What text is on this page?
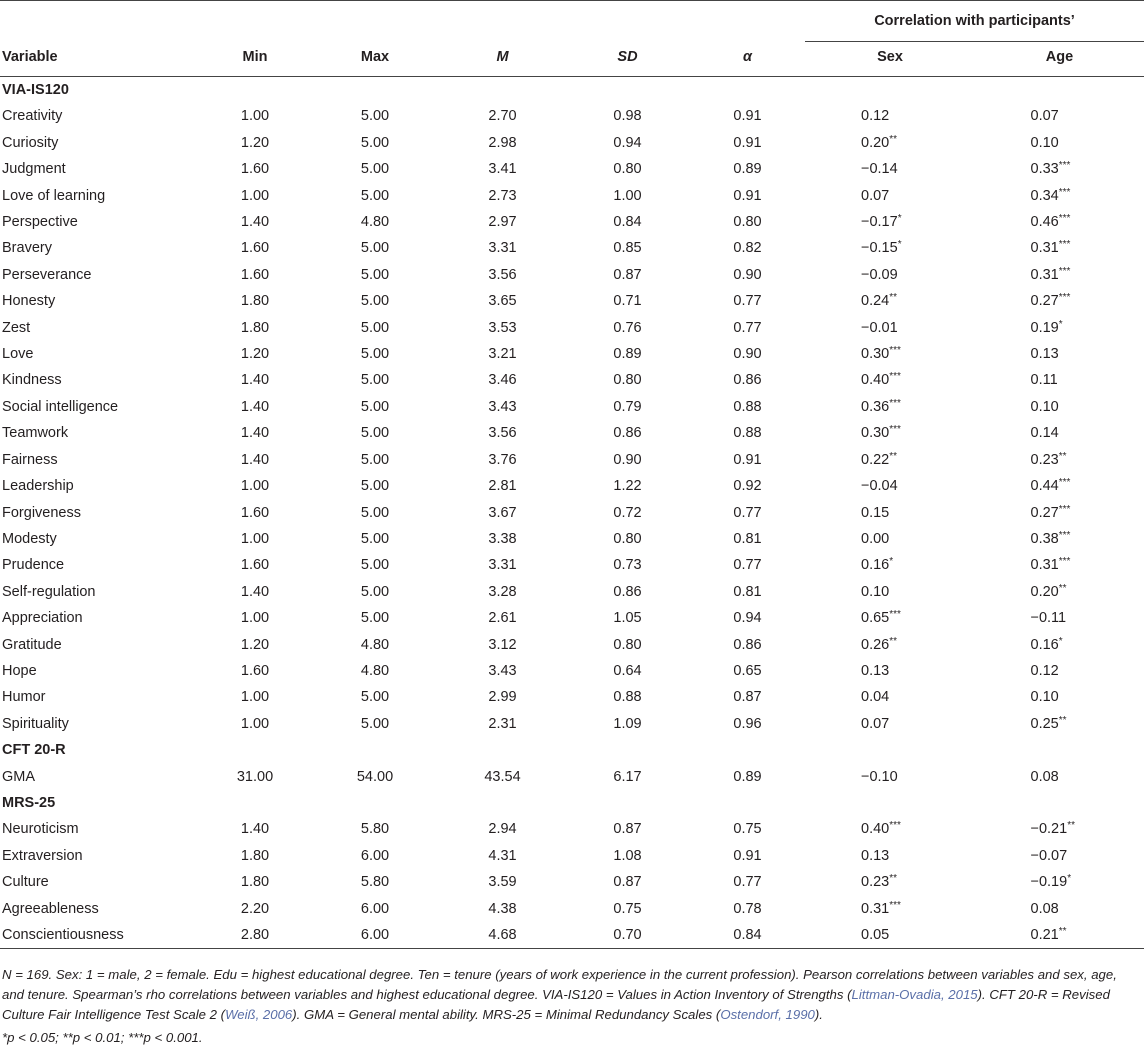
						Correlation with participants’	
Variable	Min	Max	M	SD	α	Sex	Age
VIA-IS120							
Creativity	1.00	5.00	2.70	0.98	0.91	0.12	0.07
Curiosity	1.20	5.00	2.98	0.94	0.91	0.20**	0.10
Judgment	1.60	5.00	3.41	0.80	0.89	−0.14	0.33***
Love of learning	1.00	5.00	2.73	1.00	0.91	0.07	0.34***
Perspective	1.40	4.80	2.97	0.84	0.80	−0.17*	0.46***
Bravery	1.60	5.00	3.31	0.85	0.82	−0.15*	0.31***
Perseverance	1.60	5.00	3.56	0.87	0.90	−0.09	0.31***
Honesty	1.80	5.00	3.65	0.71	0.77	0.24**	0.27***
Zest	1.80	5.00	3.53	0.76	0.77	−0.01	0.19*
Love	1.20	5.00	3.21	0.89	0.90	0.30***	0.13
Kindness	1.40	5.00	3.46	0.80	0.86	0.40***	0.11
Social intelligence	1.40	5.00	3.43	0.79	0.88	0.36***	0.10
Teamwork	1.40	5.00	3.56	0.86	0.88	0.30***	0.14
Fairness	1.40	5.00	3.76	0.90	0.91	0.22**	0.23**
Leadership	1.00	5.00	2.81	1.22	0.92	−0.04	0.44***
Forgiveness	1.60	5.00	3.67	0.72	0.77	0.15	0.27***
Modesty	1.00	5.00	3.38	0.80	0.81	0.00	0.38***
Prudence	1.60	5.00	3.31	0.73	0.77	0.16*	0.31***
Self-regulation	1.40	5.00	3.28	0.86	0.81	0.10	0.20**
Appreciation	1.00	5.00	2.61	1.05	0.94	0.65***	−0.11
Gratitude	1.20	4.80	3.12	0.80	0.86	0.26**	0.16*
Hope	1.60	4.80	3.43	0.64	0.65	0.13	0.12
Humor	1.00	5.00	2.99	0.88	0.87	0.04	0.10
Spirituality	1.00	5.00	2.31	1.09	0.96	0.07	0.25**
CFT 20-R							
GMA	31.00	54.00	43.54	6.17	0.89	−0.10	0.08
MRS-25							
Neuroticism	1.40	5.80	2.94	0.87	0.75	0.40***	−0.21**
Extraversion	1.80	6.00	4.31	1.08	0.91	0.13	−0.07
Culture	1.80	5.80	3.59	0.87	0.77	0.23**	−0.19*
Agreeableness	2.20	6.00	4.38	0.75	0.78	0.31***	0.08
Conscientiousness	2.80	6.00	4.68	0.70	0.84	0.05	0.21**
N = 169. Sex: 1 = male, 2 = female. Edu = highest educational degree. Ten = tenure (years of work experience in the current profession). Pearson correlations between variables and sex, age, and tenure. Spearman’s rho correlations between variables and highest educational degree. VIA-IS120 = Values in Action Inventory of Strengths (Littman-Ovadia, 2015). CFT 20-R = Revised Culture Fair Intelligence Test Scale 2 (Weiß, 2006). GMA = General mental ability. MRS-25 = Minimal Redundancy Scales (Ostendorf, 1990).
*p < 0.05; **p < 0.01; ***p < 0.001.
